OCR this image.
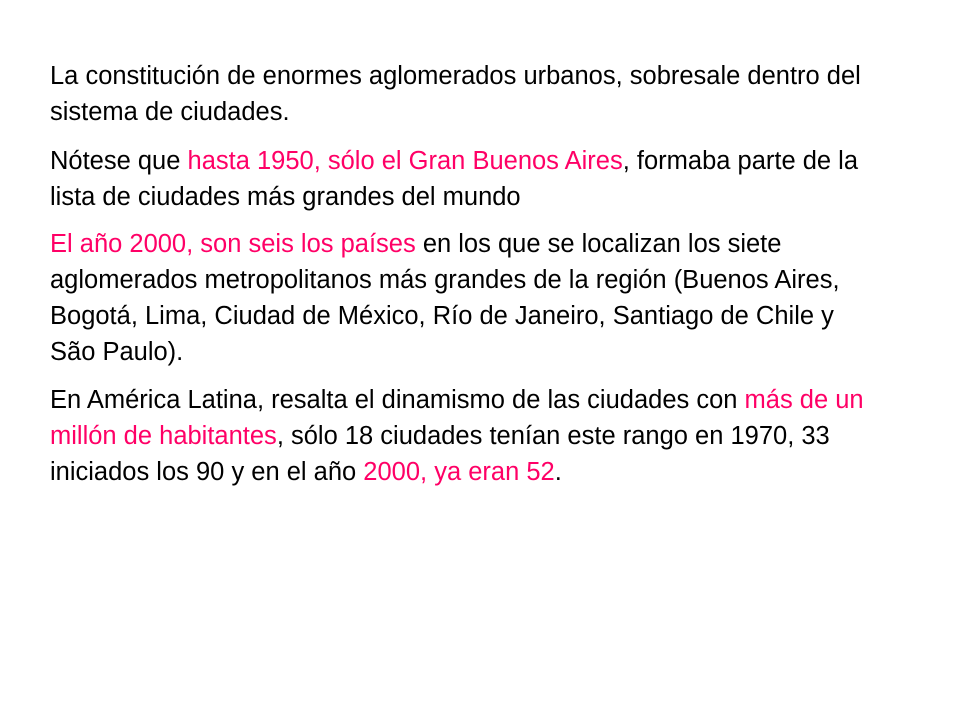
La constitución de enormes aglomerados urbanos, sobresale dentro del sistema de ciudades.

Nótese que hasta 1950, sólo el Gran Buenos Aires, formaba parte de la lista de ciudades más grandes del mundo

El año 2000, son seis los países en los que se localizan los siete aglomerados metropolitanos más grandes de la región (Buenos Aires, Bogotá, Lima, Ciudad de México, Río de Janeiro, Santiago de Chile y São Paulo).

En América Latina, resalta el dinamismo de las ciudades con más de un millón de habitantes, sólo 18 ciudades tenían este rango en 1970, 33 iniciados los 90 y en el año 2000, ya eran 52.
